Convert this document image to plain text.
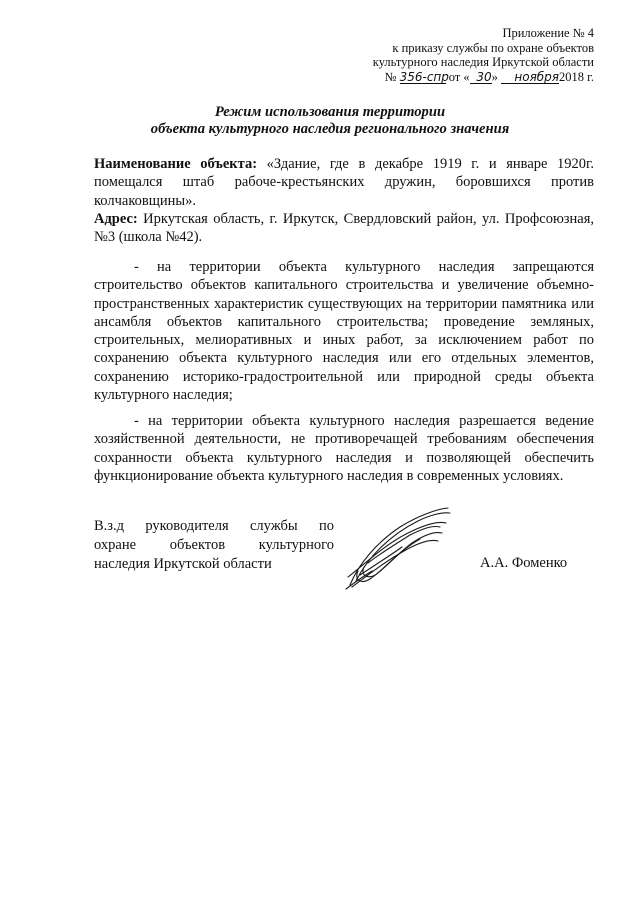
Приложение № 4
к приказу службы по охране объектов
культурного наследия Иркутской области
№ 356-спр от « 30» ноября2018 г.
Режим использования территории
объекта культурного наследия регионального значения
Наименование объекта: «Здание, где в декабре 1919 г. и январе 1920г. помещался штаб рабоче-крестьянских дружин, боровшихся против колчаковщины».
Адрес: Иркутская область, г. Иркутск, Свердловский район, ул. Профсоюзная, №3 (школа №42).
- на территории объекта культурного наследия запрещаются строительство объектов капитального строительства и увеличение объемно-пространственных характеристик существующих на территории памятника или ансамбля объектов капитального строительства; проведение земляных, строительных, мелиоративных и иных работ, за исключением работ по сохранению объекта культурного наследия или его отдельных элементов, сохранению историко-градостроительной или природной среды объекта культурного наследия;
- на территории объекта культурного наследия разрешается ведение хозяйственной деятельности, не противоречащей требованиям обеспечения сохранности объекта культурного наследия и позволяющей обеспечить функционирование объекта культурного наследия в современных условиях.
В.з.д руководителя службы по
охране объектов культурного
наследия Иркутской области	А.А. Фоменко
